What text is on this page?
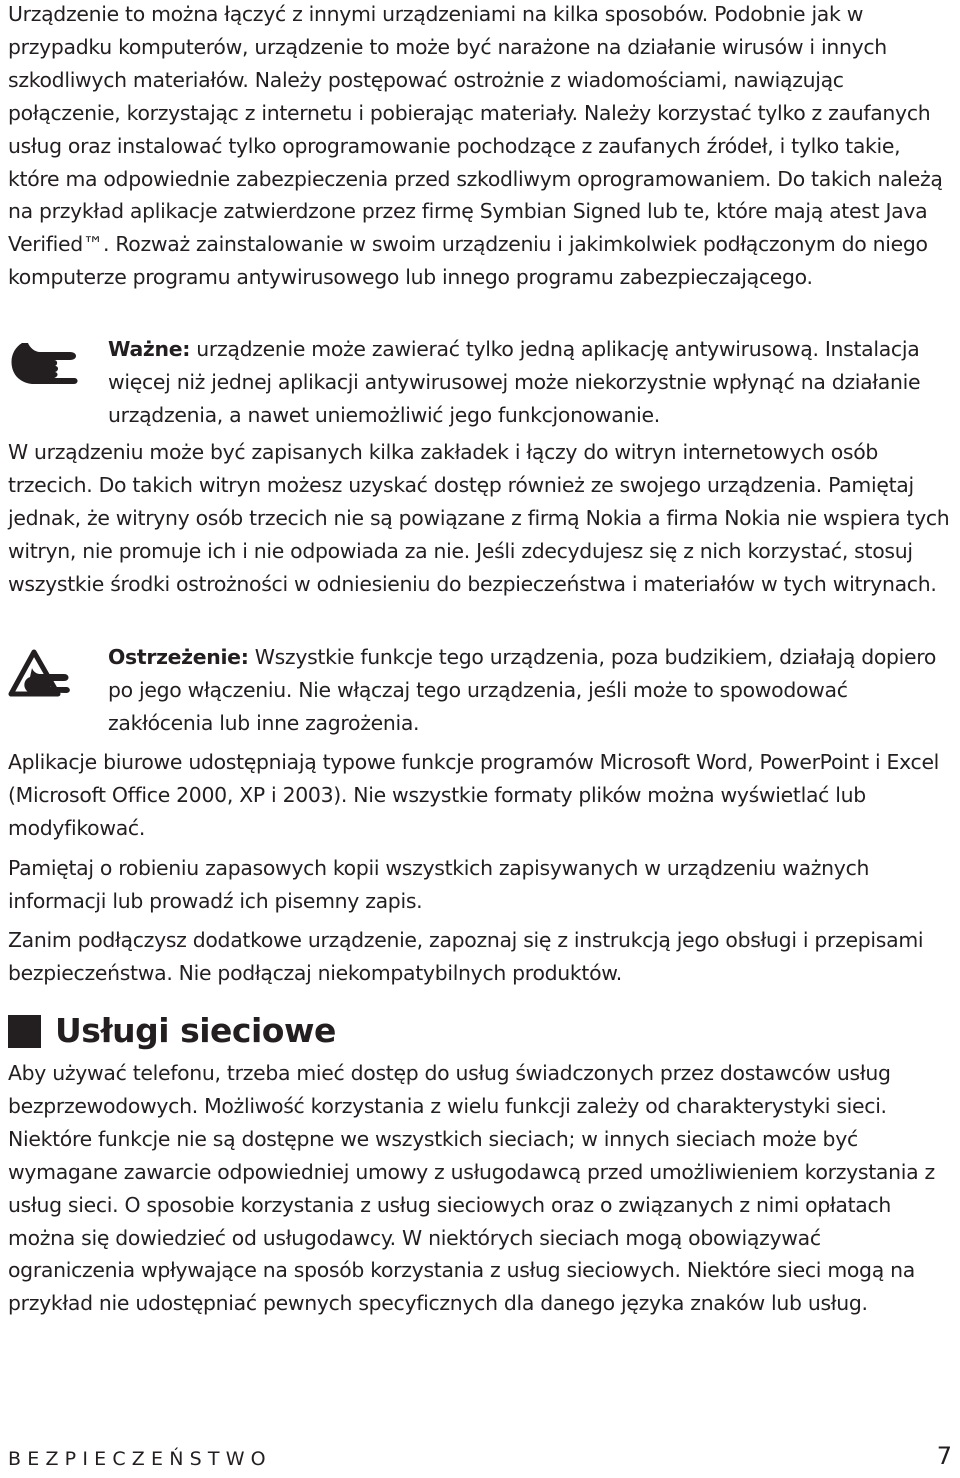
Urządzenie to można łączyć z innymi urządzeniami na kilka sposobów. Podobnie jak w przypadku komputerów, urządzenie to może być narażone na działanie wirusów i innych szkodliwych materiałów. Należy postępować ostrożnie z wiadomościami, nawiązując połączenie, korzystając z internetu i pobierając materiały. Należy korzystać tylko z zaufanych usług oraz instalować tylko oprogramowanie pochodzące z zaufanych źródeł, i tylko takie, które ma odpowiednie zabezpieczenia przed szkodliwym oprogramowaniem. Do takich należą na przykład aplikacje zatwierdzone przez firmę Symbian Signed lub te, które mają atest Java Verified™. Rozważ zainstalowanie w swoim urządzeniu i jakimkolwiek podłączonym do niego komputerze programu antywirusowego lub innego programu zabezpieczającego.

Ważne: urządzenie może zawierać tylko jedną aplikację antywirusową. Instalacja więcej niż jednej aplikacji antywirusowej może niekorzystnie wpłynąć na działanie urządzenia, a nawet uniemożliwić jego funkcjonowanie.

W urządzeniu może być zapisanych kilka zakładek i łączy do witryn internetowych osób trzecich. Do takich witryn możesz uzyskać dostęp również ze swojego urządzenia. Pamiętaj jednak, że witryny osób trzecich nie są powiązane z firmą Nokia a firma Nokia nie wspiera tych witryn, nie promuje ich i nie odpowiada za nie. Jeśli zdecydujesz się z nich korzystać, stosuj wszystkie środki ostrożności w odniesieniu do bezpieczeństwa i materiałów w tych witrynach.

Ostrzeżenie: Wszystkie funkcje tego urządzenia, poza budzikiem, działają dopiero po jego włączeniu. Nie włączaj tego urządzenia, jeśli może to spowodować zakłócenia lub inne zagrożenia.

Aplikacje biurowe udostępniają typowe funkcje programów Microsoft Word, PowerPoint i Excel (Microsoft Office 2000, XP i 2003). Nie wszystkie formaty plików można wyświetlać lub modyfikować.

Pamiętaj o robieniu zapasowych kopii wszystkich zapisywanych w urządzeniu ważnych informacji lub prowadź ich pisemny zapis.

Zanim podłączysz dodatkowe urządzenie, zapoznaj się z instrukcją jego obsługi i przepisami bezpieczeństwa. Nie podłączaj niekompatybilnych produktów.

Usługi sieciowe

Aby używać telefonu, trzeba mieć dostęp do usług świadczonych przez dostawców usług bezprzewodowych. Możliwość korzystania z wielu funkcji zależy od charakterystyki sieci. Niektóre funkcje nie są dostępne we wszystkich sieciach; w innych sieciach może być wymagane zawarcie odpowiedniej umowy z usługodawcą przed umożliwieniem korzystania z usług sieci. O sposobie korzystania z usług sieciowych oraz o związanych z nimi opłatach można się dowiedzieć od usługodawcy. W niektórych sieciach mogą obowiązywać ograniczenia wpływające na sposób korzystania z usług sieciowych. Niektóre sieci mogą na przykład nie udostępniać pewnych specyficznych dla danego języka znaków lub usług.

BEZPIECZEŃSTWO	7
